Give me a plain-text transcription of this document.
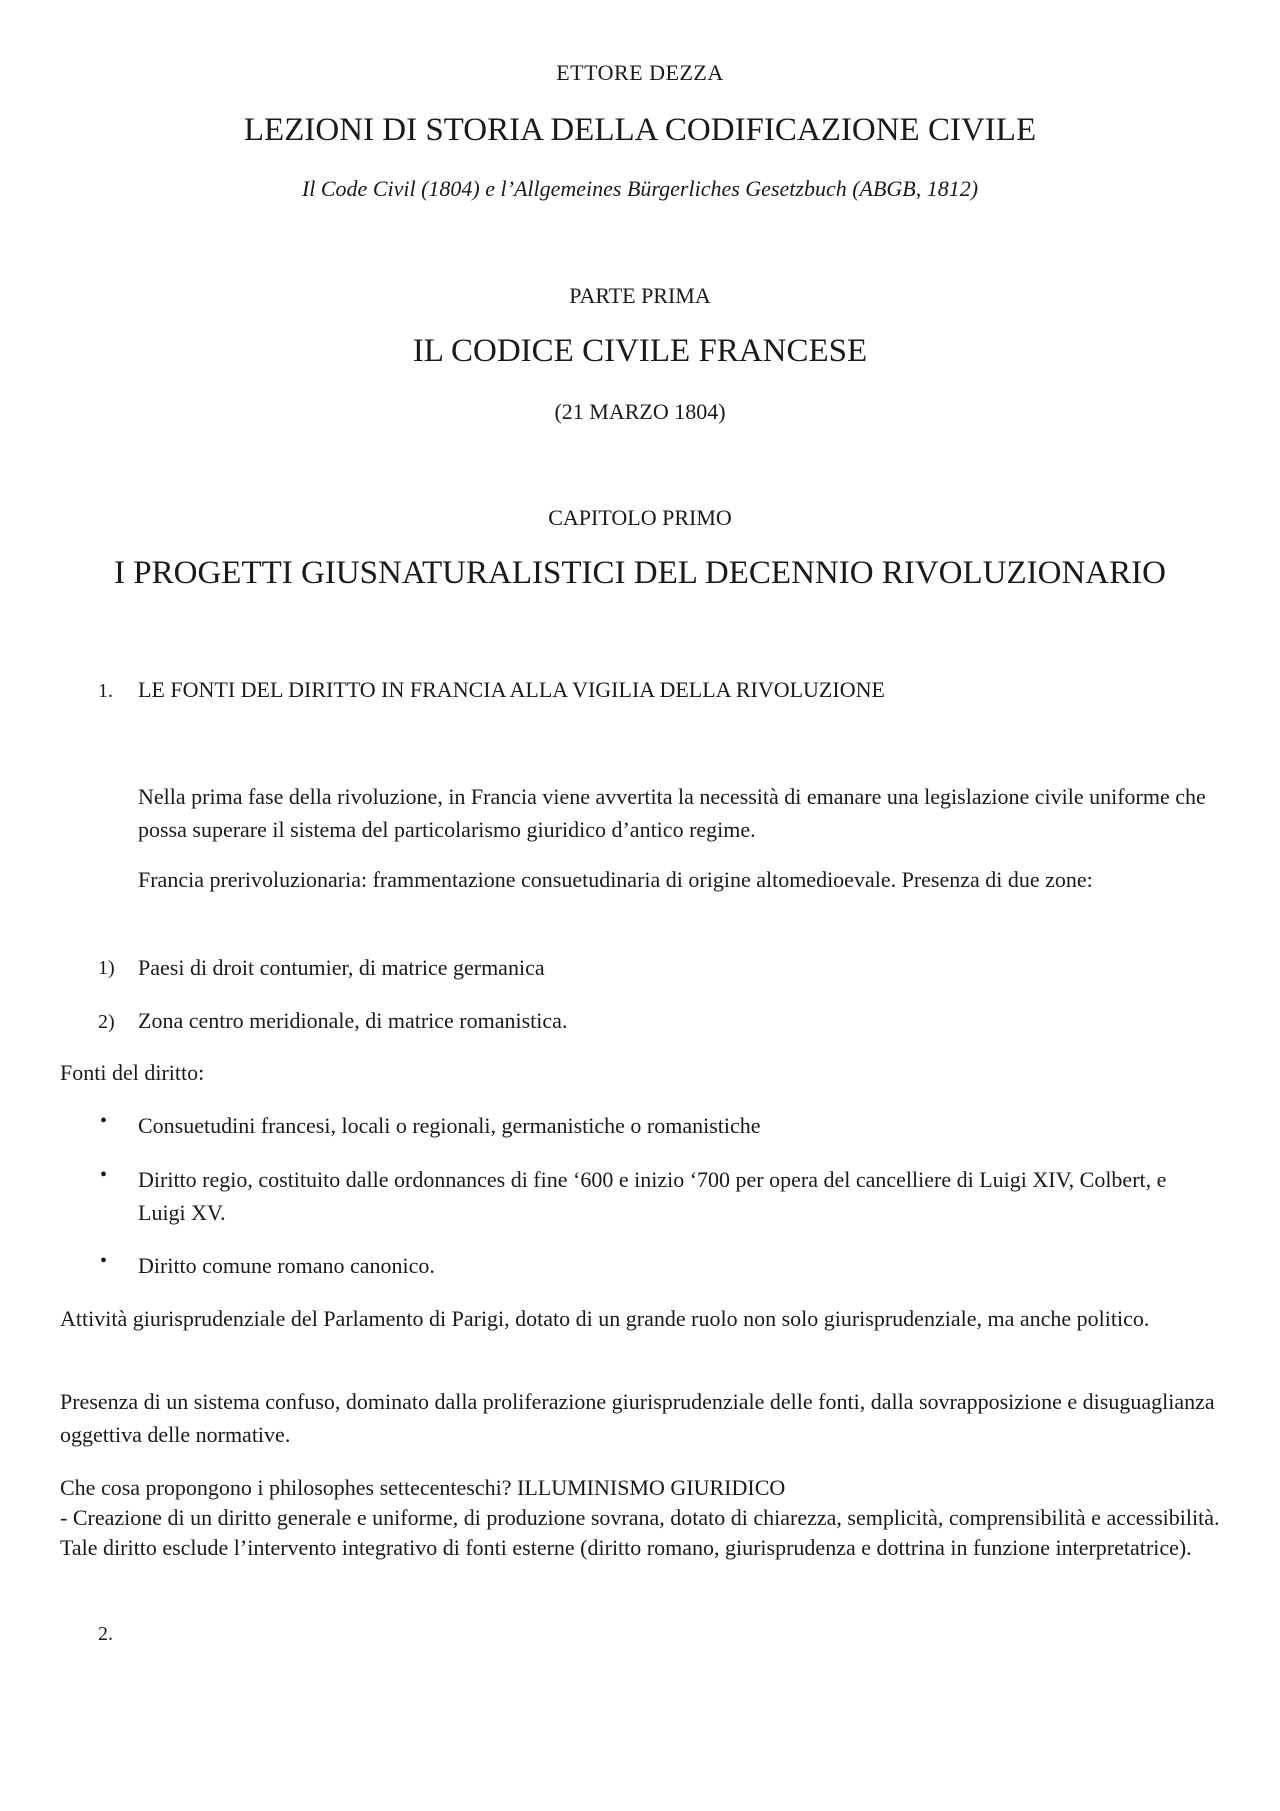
ETTORE DEZZA
LEZIONI DI STORIA DELLA CODIFICAZIONE CIVILE
Il Code Civil (1804) e l’Allgemeines Bürgerliches Gesetzbuch (ABGB, 1812)
PARTE PRIMA
IL CODICE CIVILE FRANCESE
(21 MARZO 1804)
CAPITOLO PRIMO
I PROGETTI GIUSNATURALISTICI DEL DECENNIO RIVOLUZIONARIO
1. LE FONTI DEL DIRITTO IN FRANCIA ALLA VIGILIA DELLA RIVOLUZIONE
Nella prima fase della rivoluzione, in Francia viene avvertita la necessità di emanare una legislazione civile uniforme che possa superare il sistema del particolarismo giuridico d’antico regime.
Francia prerivoluzionaria: frammentazione consuetudinaria di origine altomedioevale. Presenza di due zone:
1) Paesi di droit contumier, di matrice germanica
2) Zona centro meridionale, di matrice romanistica.
Fonti del diritto:
• Consuetudini francesi, locali o regionali, germanistiche o romanistiche
• Diritto regio, costituito dalle ordonnances di fine ‘600 e inizio ‘700 per opera del cancelliere di Luigi XIV, Colbert, e Luigi XV.
• Diritto comune romano canonico.
Attività giurisprudenziale del Parlamento di Parigi, dotato di un grande ruolo non solo giurisprudenziale, ma anche politico.
Presenza di un sistema confuso, dominato dalla proliferazione giurisprudenziale delle fonti, dalla sovrapposizione e disuguaglianza oggettiva delle normative.
Che cosa propongono i philosophes settecenteschi? ILLUMINISMO GIURIDICO
- Creazione di un diritto generale e uniforme, di produzione sovrana, dotato di chiarezza, semplicità, comprensibilità e accessibilità. Tale diritto esclude l’intervento integrativo di fonti esterne (diritto romano, giurisprudenza e dottrina in funzione interpretatrice).
2.
